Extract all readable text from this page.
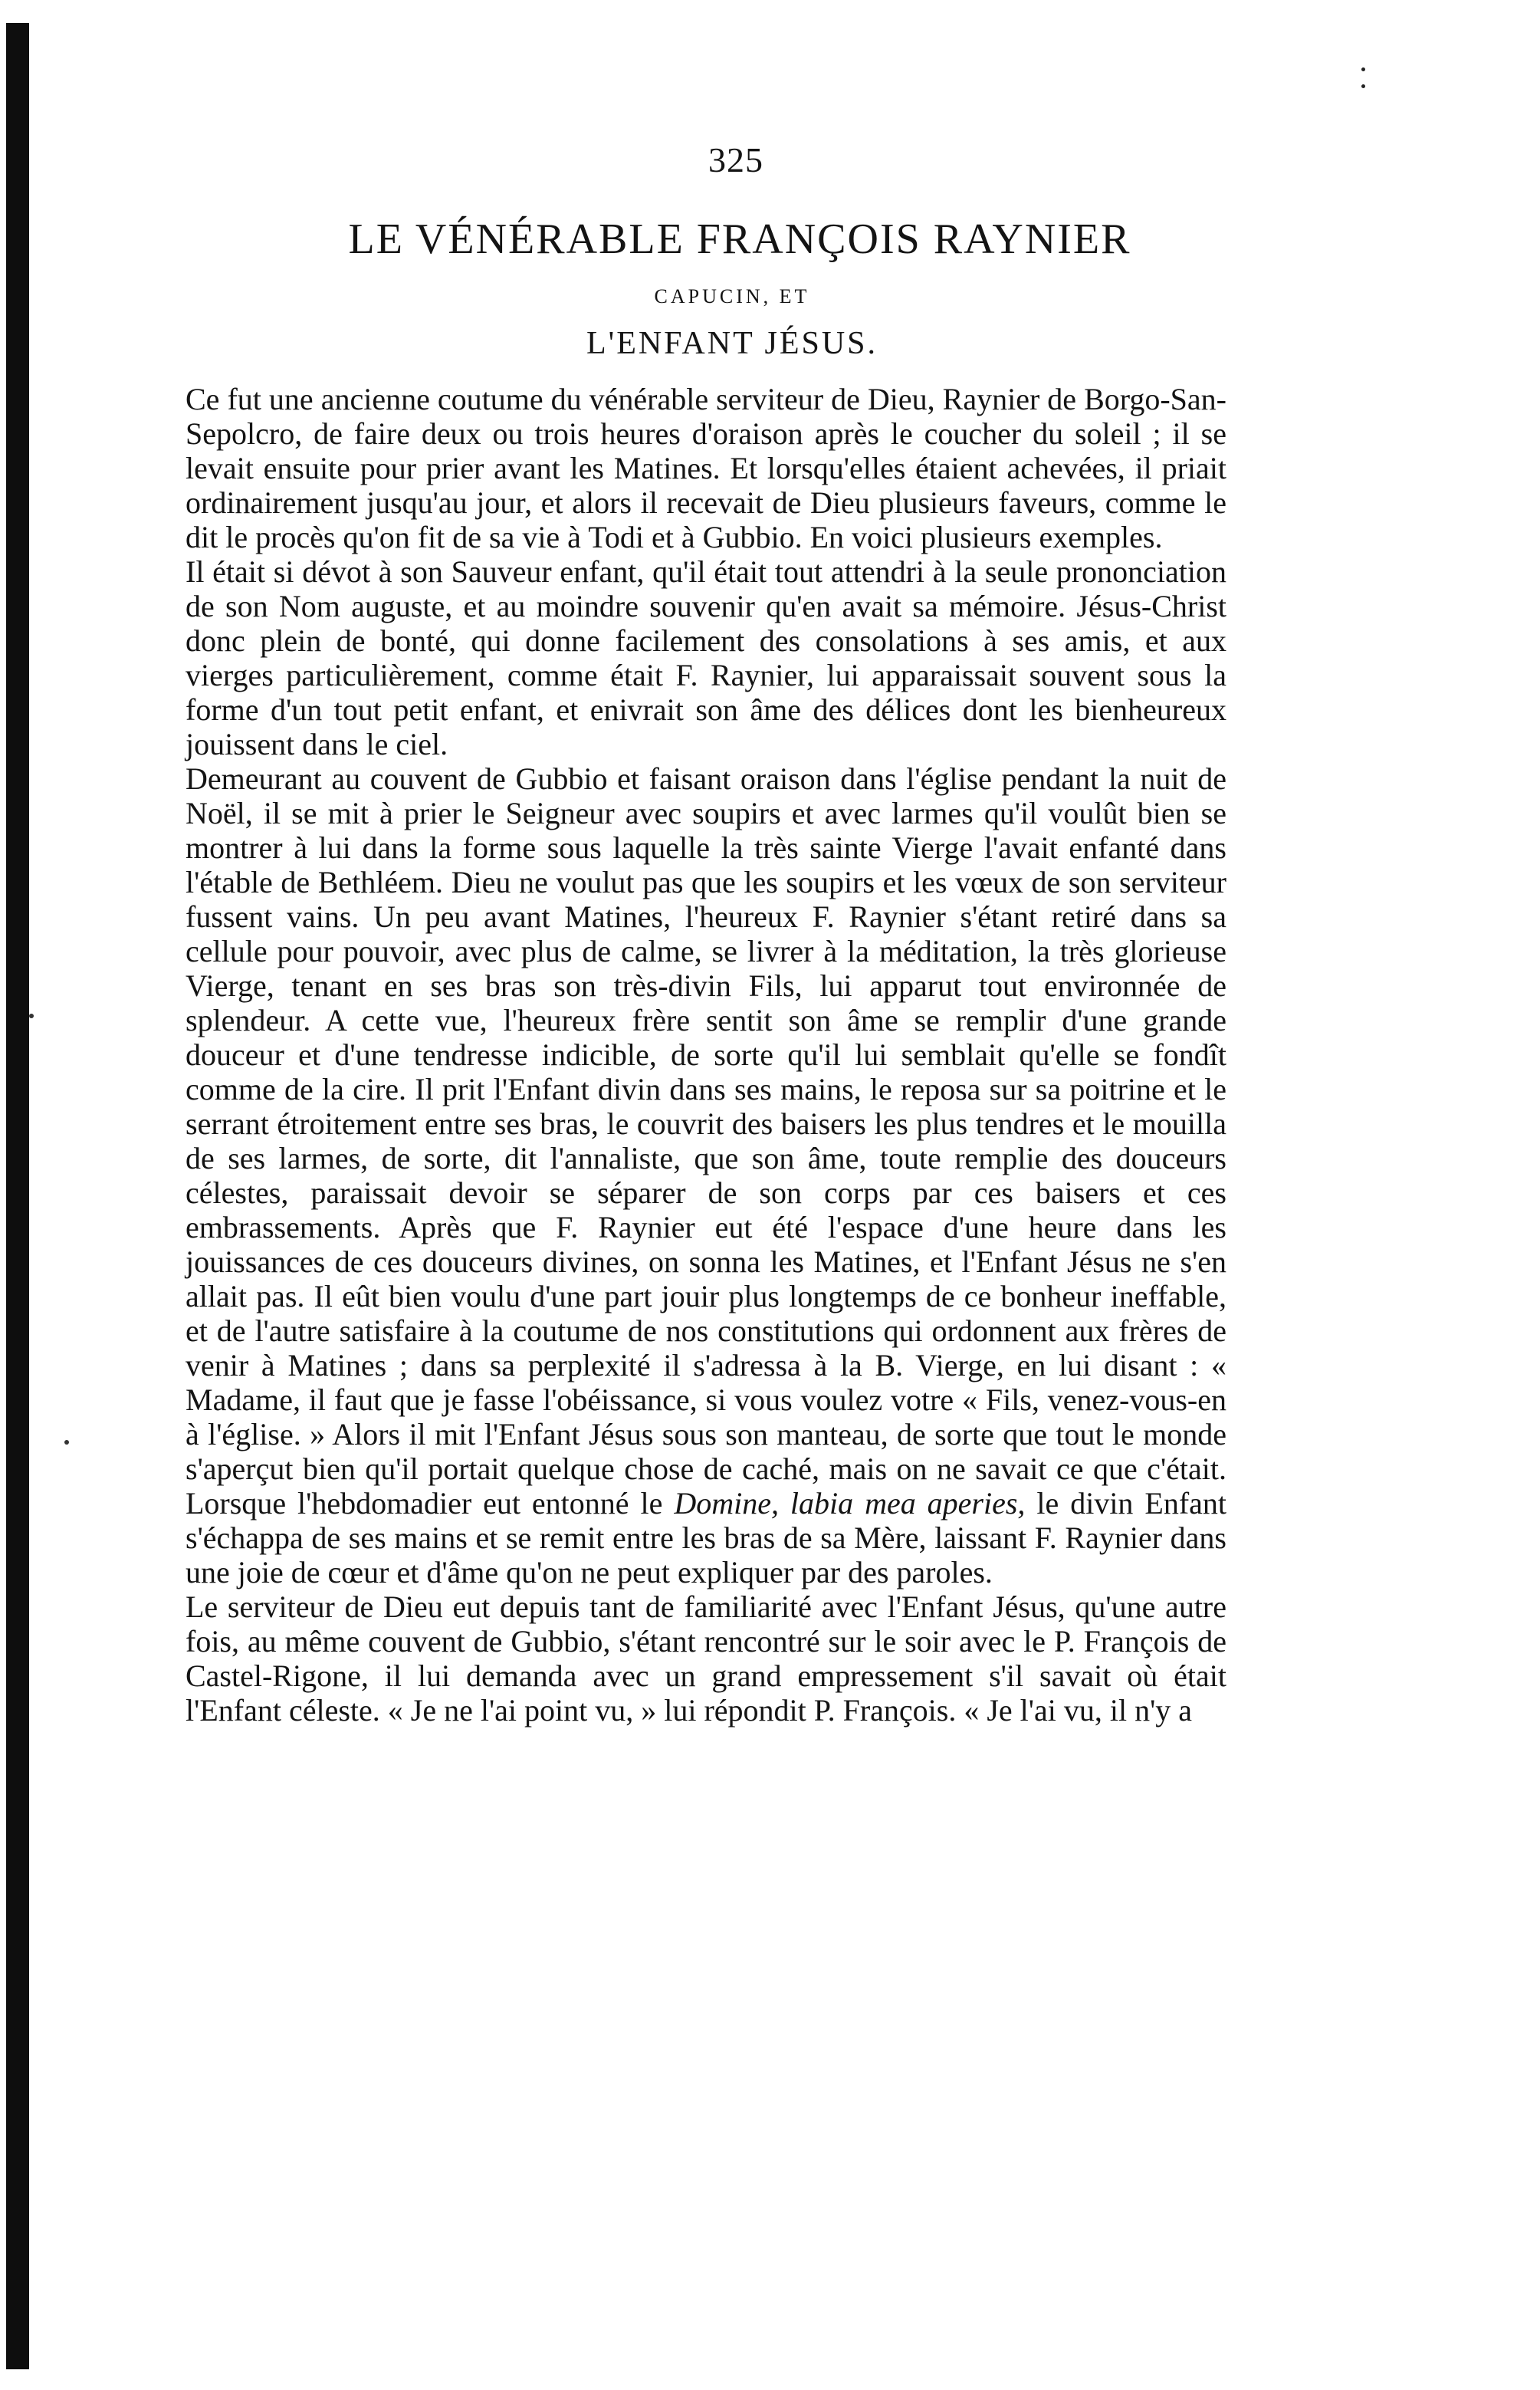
325
LE VÉNÉRABLE FRANÇOIS RAYNIER
CAPUCIN, ET
L'ENFANT JÉSUS.

Ce fut une ancienne coutume du vénérable serviteur de Dieu, Raynier de Borgo-San-Sepolcro, de faire deux ou trois heures d'oraison après le coucher du soleil ; il se levait ensuite pour prier avant les Matines. Et lorsqu'elles étaient achevées, il priait ordinairement jusqu'au jour, et alors il recevait de Dieu plusieurs faveurs, comme le dit le procès qu'on fit de sa vie à Todi et à Gubbio. En voici plusieurs exemples.

Il était si dévot à son Sauveur enfant, qu'il était tout attendri à la seule prononciation de son Nom auguste, et au moindre souvenir qu'en avait sa mémoire. Jésus-Christ donc plein de bonté, qui donne facilement des consolations à ses amis, et aux vierges particulièrement, comme était F. Raynier, lui apparaissait souvent sous la forme d'un tout petit enfant, et enivrait son âme des délices dont les bienheureux jouissent dans le ciel.

Demeurant au couvent de Gubbio et faisant oraison dans l'église pendant la nuit de Noël, il se mit à prier le Seigneur avec soupirs et avec larmes qu'il voulût bien se montrer à lui dans la forme sous laquelle la très sainte Vierge l'avait enfanté dans l'étable de Bethléem. Dieu ne voulut pas que les soupirs et les vœux de son serviteur fussent vains. Un peu avant Matines, l'heureux F. Raynier s'étant retiré dans sa cellule pour pouvoir, avec plus de calme, se livrer à la méditation, la très glorieuse Vierge, tenant en ses bras son très-divin Fils, lui apparut tout environnée de splendeur. A cette vue, l'heureux frère sentit son âme se remplir d'une grande douceur et d'une tendresse indicible, de sorte qu'il lui semblait qu'elle se fondît comme de la cire. Il prit l'Enfant divin dans ses mains, le reposa sur sa poitrine et le serrant étroitement entre ses bras, le couvrit des baisers les plus tendres et le mouilla de ses larmes, de sorte, dit l'annaliste, que son âme, toute remplie des douceurs célestes, paraissait devoir se séparer de son corps par ces baisers et ces embrassements. Après que F. Raynier eut été l'espace d'une heure dans les jouissances de ces douceurs divines, on sonna les Matines, et l'Enfant Jésus ne s'en allait pas. Il eût bien voulu d'une part jouir plus longtemps de ce bonheur ineffable, et de l'autre satisfaire à la coutume de nos constitutions qui ordonnent aux frères de venir à Matines ; dans sa perplexité il s'adressa à la B. Vierge, en lui disant : « Madame, il faut que je fasse l'obéissance, si vous voulez votre « Fils, venez-vous-en à l'église. » Alors il mit l'Enfant Jésus sous son manteau, de sorte que tout le monde s'aperçut bien qu'il portait quelque chose de caché, mais on ne savait ce que c'était. Lorsque l'hebdomadier eut entonné le Domine, labia mea aperies, le divin Enfant s'échappa de ses mains et se remit entre les bras de sa Mère, laissant F. Raynier dans une joie de cœur et d'âme qu'on ne peut expliquer par des paroles.

Le serviteur de Dieu eut depuis tant de familiarité avec l'Enfant Jésus, qu'une autre fois, au même couvent de Gubbio, s'étant rencontré sur le soir avec le P. François de Castel-Rigone, il lui demanda avec un grand empressement s'il savait où était l'Enfant céleste. « Je ne l'ai point vu, » lui répondit P. François. « Je l'ai vu, il n'y a
